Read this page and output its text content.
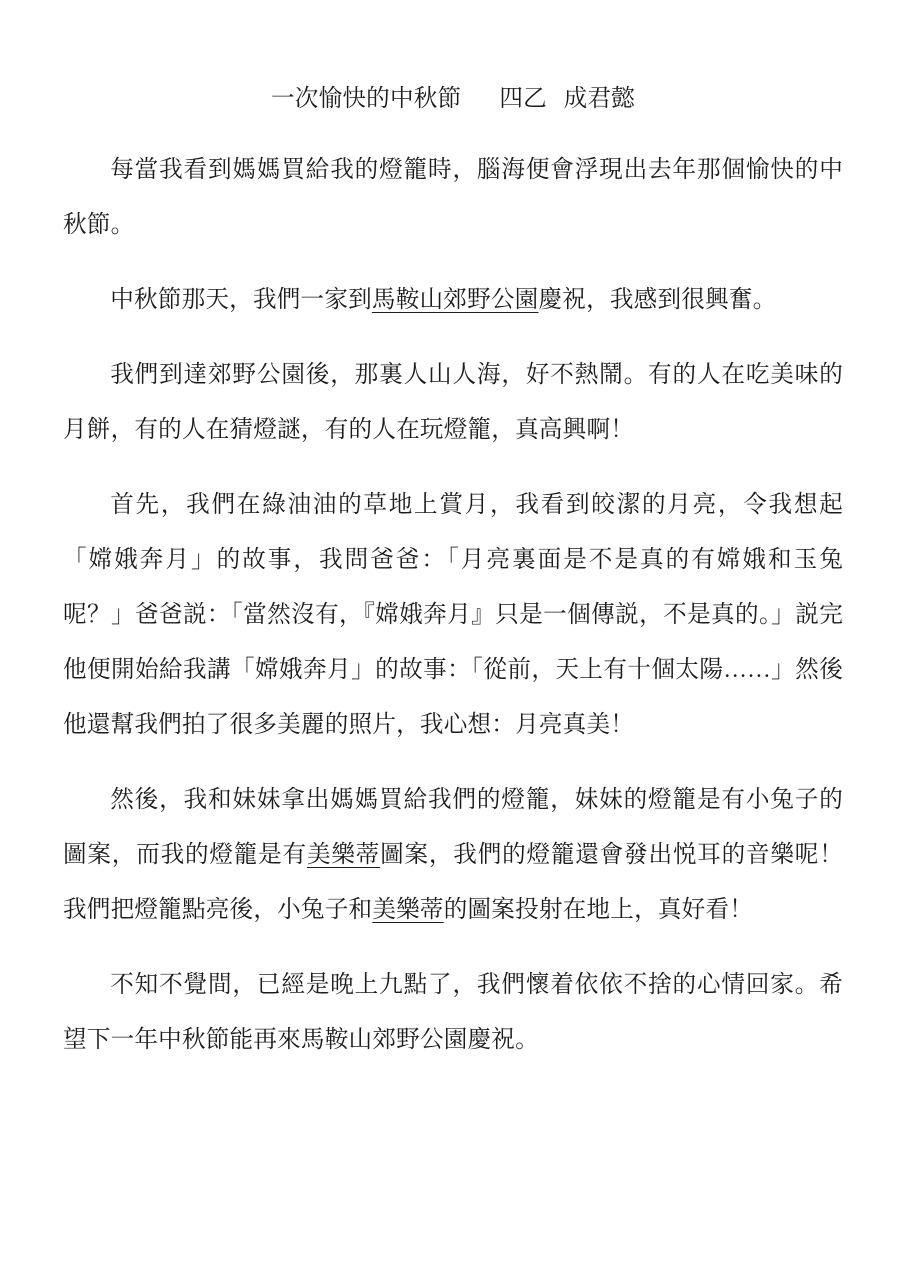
一次愉快的中秋節 四乙 成君懿

每當我看到媽媽買給我的燈籠時，腦海便會浮現出去年那個愉快的中秋節。

中秋節那天，我們一家到馬鞍山郊野公園慶祝，我感到很興奮。

我們到達郊野公園後，那裏人山人海，好不熱鬧。有的人在吃美味的月餅，有的人在猜燈謎，有的人在玩燈籠，真高興啊！

首先，我們在綠油油的草地上賞月，我看到皎潔的月亮，令我想起「嫦娥奔月」的故事，我問爸爸：「月亮裏面是不是真的有嫦娥和玉兔呢？」爸爸説：「當然沒有，『嫦娥奔月』只是一個傳説，不是真的。」説完他便開始給我講「嫦娥奔月」的故事：「從前，天上有十個太陽……」然後他還幫我們拍了很多美麗的照片，我心想：月亮真美！

然後，我和妹妹拿出媽媽買給我們的燈籠，妹妹的燈籠是有小兔子的圖案，而我的燈籠是有美樂蒂圖案，我們的燈籠還會發出悦耳的音樂呢！我們把燈籠點亮後，小兔子和美樂蒂的圖案投射在地上，真好看！

不知不覺間，已經是晚上九點了，我們懷着依依不捨的心情回家。希望下一年中秋節能再來馬鞍山郊野公園慶祝。
